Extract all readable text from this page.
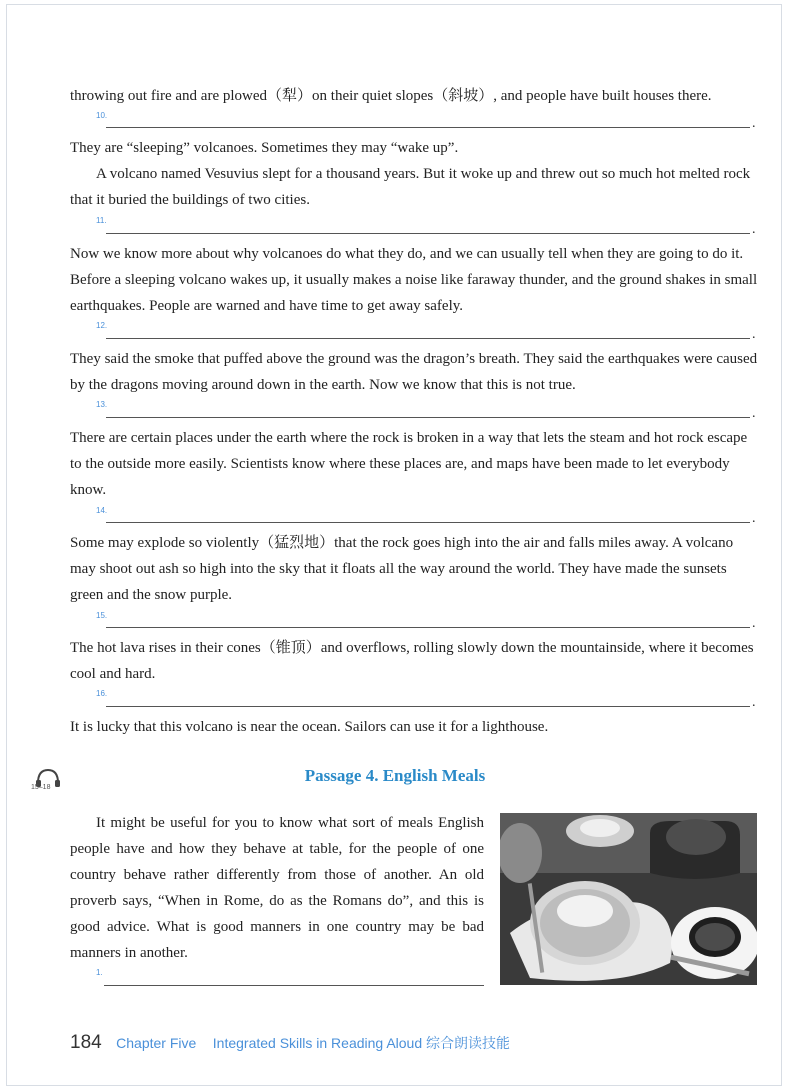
throwing out fire and are plowed（犁）on their quiet slopes（斜坡）, and people have built houses there.

10.
.

They are “sleeping” volcanoes. Sometimes they may “wake up”.

A volcano named Vesuvius slept for a thousand years. But it woke up and threw out so much hot melted rock that it buried the buildings of two cities.

11.
.

Now we know more about why volcanoes do what they do, and we can usually tell when they are going to do it. Before a sleeping volcano wakes up, it usually makes a noise like faraway thunder, and the ground shakes in small earthquakes. People are warned and have time to get away safely.

12.
.

They said the smoke that puffed above the ground was the dragon’s breath. They said the earthquakes were caused by the dragons moving around down in the earth. Now we know that this is not true.

13.
.

There are certain places under the earth where the rock is broken in a way that lets the steam and hot rock escape to the outside more easily. Scientists know where these places are, and maps have been made to let everybody know.

14.
.

Some may explode so violently（猛烈地）that the rock goes high into the air and falls miles away. A volcano may shoot out ash so high into the sky that it floats all the way around the world. They have made the sunsets green and the snow purple.

15.
.

The hot lava rises in their cones（锥顶）and overflows, rolling slowly down the mountainside, where it becomes cool and hard.

16.
.

It is lucky that this volcano is near the ocean. Sailors can use it for a lighthouse.

15–18
Passage 4. English Meals

It might be useful for you to know what sort of meals English people have and how they behave at table, for the people of one country behave rather differently from those of another. An old proverb says, “When in Rome, do as the Romans do”, and this is good advice. What is good manners in one country may be bad manners in another.

1.
184 Chapter Five Integrated Skills in Reading Aloud 综合朗读技能
